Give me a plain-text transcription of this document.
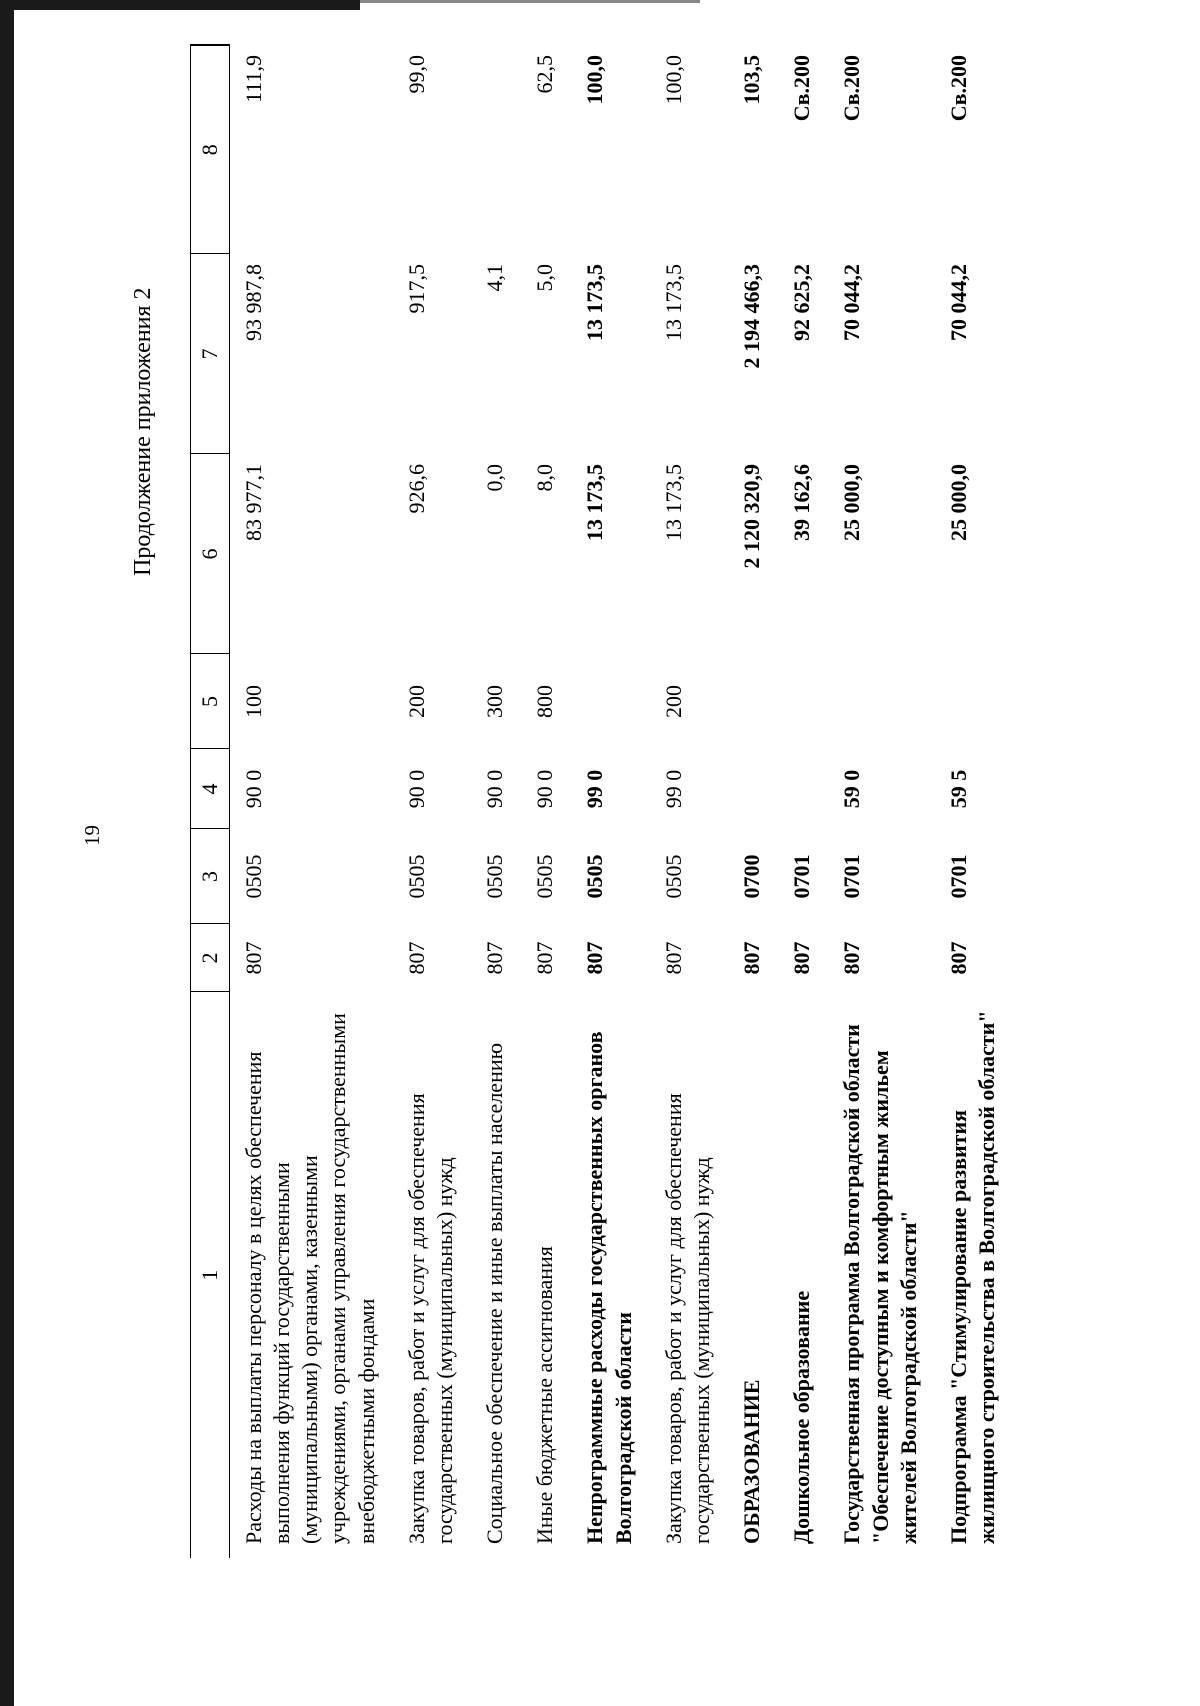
19
Продолжение приложения 2
1	2	3	4	5	6	7	8
Расходы на выплаты персоналу в целях обеспечения выполнения функций государственными (муниципальными) органами, казенными учреждениями, органами управления государственными внебюджетными фондами	807	0505	90 0	100	83 977,1	93 987,8	111,9
Закупка товаров, работ и услуг для обеспечения государственных (муниципальных) нужд	807	0505	90 0	200	926,6	917,5	99,0
Социальное обеспечение и иные выплаты населению	807	0505	90 0	300	0,0	4,1	
Иные бюджетные ассигнования	807	0505	90 0	800	8,0	5,0	62,5
Непрограммные расходы государственных органов Волгоградской области	807	0505	99 0		13 173,5	13 173,5	100,0
Закупка товаров, работ и услуг для обеспечения государственных (муниципальных) нужд	807	0505	99 0	200	13 173,5	13 173,5	100,0
ОБРАЗОВАНИЕ	807	0700			2 120 320,9	2 194 466,3	103,5
Дошкольное образование	807	0701			39 162,6	92 625,2	Св.200
Государственная программа Волгоградской области "Обеспечение доступным и комфортным жильем жителей Волгоградской области"	807	0701	59 0		25 000,0	70 044,2	Св.200
Подпрограмма "Стимулирование развития жилищного строительства в Волгоградской области"	807	0701	59 5		25 000,0	70 044,2	Св.200
